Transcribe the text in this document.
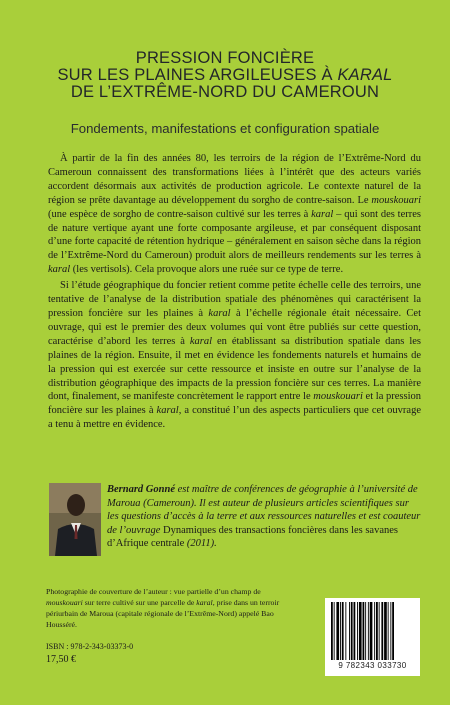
PRESSION FONCIÈRE
SUR LES PLAINES ARGILEUSES À KARAL
DE L’EXTRÊME-NORD DU CAMEROUN
Fondements, manifestations et configuration spatiale

À partir de la fin des années 80, les terroirs de la région de l’Extrême-Nord du Cameroun connaissent des transformations liées à l’intérêt que des acteurs variés accordent désormais aux activités de production agricole. Le contexte naturel de la région se prête davantage au développement du sorgho de contre-saison. Le mouskouari (une espèce de sorgho de contre-saison cultivé sur les terres à karal – qui sont des terres de nature vertique ayant une forte composante argileuse, et par conséquent disposant d’une forte capacité de rétention hydrique – généralement en saison sèche dans la région de l’Extrême-Nord du Cameroun) produit alors de meilleurs rendements sur les terres à karal (les vertisols). Cela provoque alors une ruée sur ce type de terre.

Si l’étude géographique du foncier retient comme petite échelle celle des terroirs, une tentative de l’analyse de la distribution spatiale des phénomènes qui caractérisent la pression foncière sur les plaines à karal à l’échelle régionale était nécessaire. Cet ouvrage, qui est le premier des deux volumes qui vont être publiés sur cette question, caractérise d’abord les terres à karal en établissant sa distribution spatiale dans les plaines de la région. Ensuite, il met en évidence les fondements naturels et humains de la pression qui est exercée sur cette ressource et insiste en outre sur l’analyse de la distribution géographique des impacts de la pression foncière sur ces terres. La manière dont, finalement, se manifeste concrètement le rapport entre le mouskouari et la pression foncière sur les plaines à karal, a constitué l’un des aspects particuliers que cet ouvrage a tenu à mettre en évidence.

Bernard Gonné est maître de conférences de géographie à l’université de Maroua (Cameroun). Il est auteur de plusieurs articles scientifiques sur les questions d’accès à la terre et aux ressources naturelles et est coauteur de l’ouvrage Dynamiques des transactions foncières dans les savanes d’Afrique centrale (2011).
Photographie de couverture de l’auteur : vue partielle d’un champ de mouskouari sur terre cultivé sur une parcelle de karal, prise dans un terroir périurbain de Maroua (capitale régionale de l’Extrême-Nord) appelé Bao Housséré.
ISBN : 978-2-343-03373-0
17,50 €
9 782343 033730
